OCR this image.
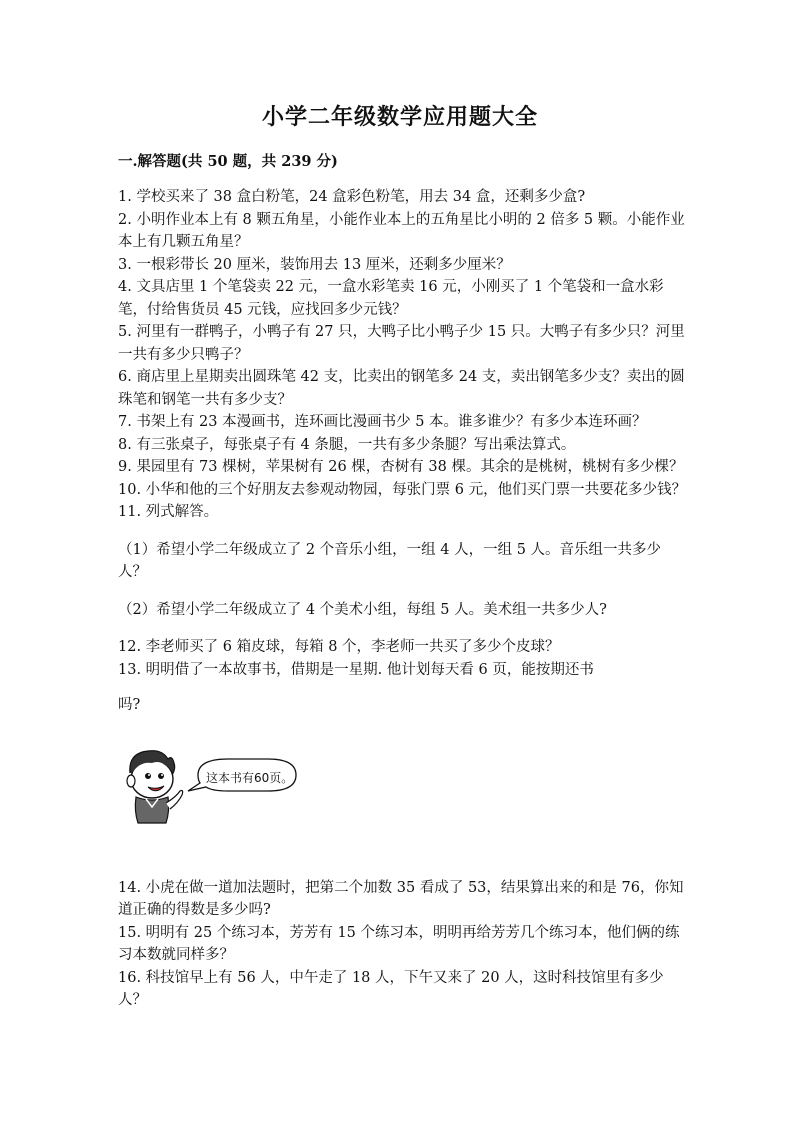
小学二年级数学应用题大全
一.解答题(共 50 题，共 239 分)

1. 学校买来了 38 盒白粉笔，24 盒彩色粉笔，用去 34 盒，还剩多少盒?

2. 小明作业本上有 8 颗五角星，小能作业本上的五角星比小明的 2 倍多 5 颗。小能作业本上有几颗五角星？

3. 一根彩带长 20 厘米，装饰用去 13 厘米，还剩多少厘米？

4. 文具店里 1 个笔袋卖 22 元，一盒水彩笔卖 16 元，小刚买了 1 个笔袋和一盒水彩笔，付给售货员 45 元钱，应找回多少元钱？

5. 河里有一群鸭子，小鸭子有 27 只，大鸭子比小鸭子少 15 只。大鸭子有多少只？河里一共有多少只鸭子？

6. 商店里上星期卖出圆珠笔 42 支，比卖出的钢笔多 24 支，卖出钢笔多少支？卖出的圆珠笔和钢笔一共有多少支？

7. 书架上有 23 本漫画书，连环画比漫画书少 5 本。谁多谁少？有多少本连环画？

8. 有三张桌子，每张桌子有 4 条腿，一共有多少条腿？写出乘法算式。

9. 果园里有 73 棵树，苹果树有 26 棵，杏树有 38 棵。其余的是桃树，桃树有多少棵？

10. 小华和他的三个好朋友去参观动物园，每张门票 6 元，他们买门票一共要花多少钱？

11. 列式解答。

（1）希望小学二年级成立了 2 个音乐小组，一组 4 人，一组 5 人。音乐组一共多少人？

（2）希望小学二年级成立了 4 个美术小组，每组 5 人。美术组一共多少人?

12. 李老师买了 6 箱皮球，每箱 8 个，李老师一共买了多少个皮球？

13. 明明借了一本故事书，借期是一星期. 他计划每天看 6 页，能按期还书

吗?

这本书有60页。

14. 小虎在做一道加法题时，把第二个加数 35 看成了 53，结果算出来的和是 76，你知道正确的得数是多少吗?

15. 明明有 25 个练习本，芳芳有 15 个练习本，明明再给芳芳几个练习本，他们俩的练习本数就同样多？

16. 科技馆早上有 56 人，中午走了 18 人，下午又来了 20 人，这时科技馆里有多少人？
